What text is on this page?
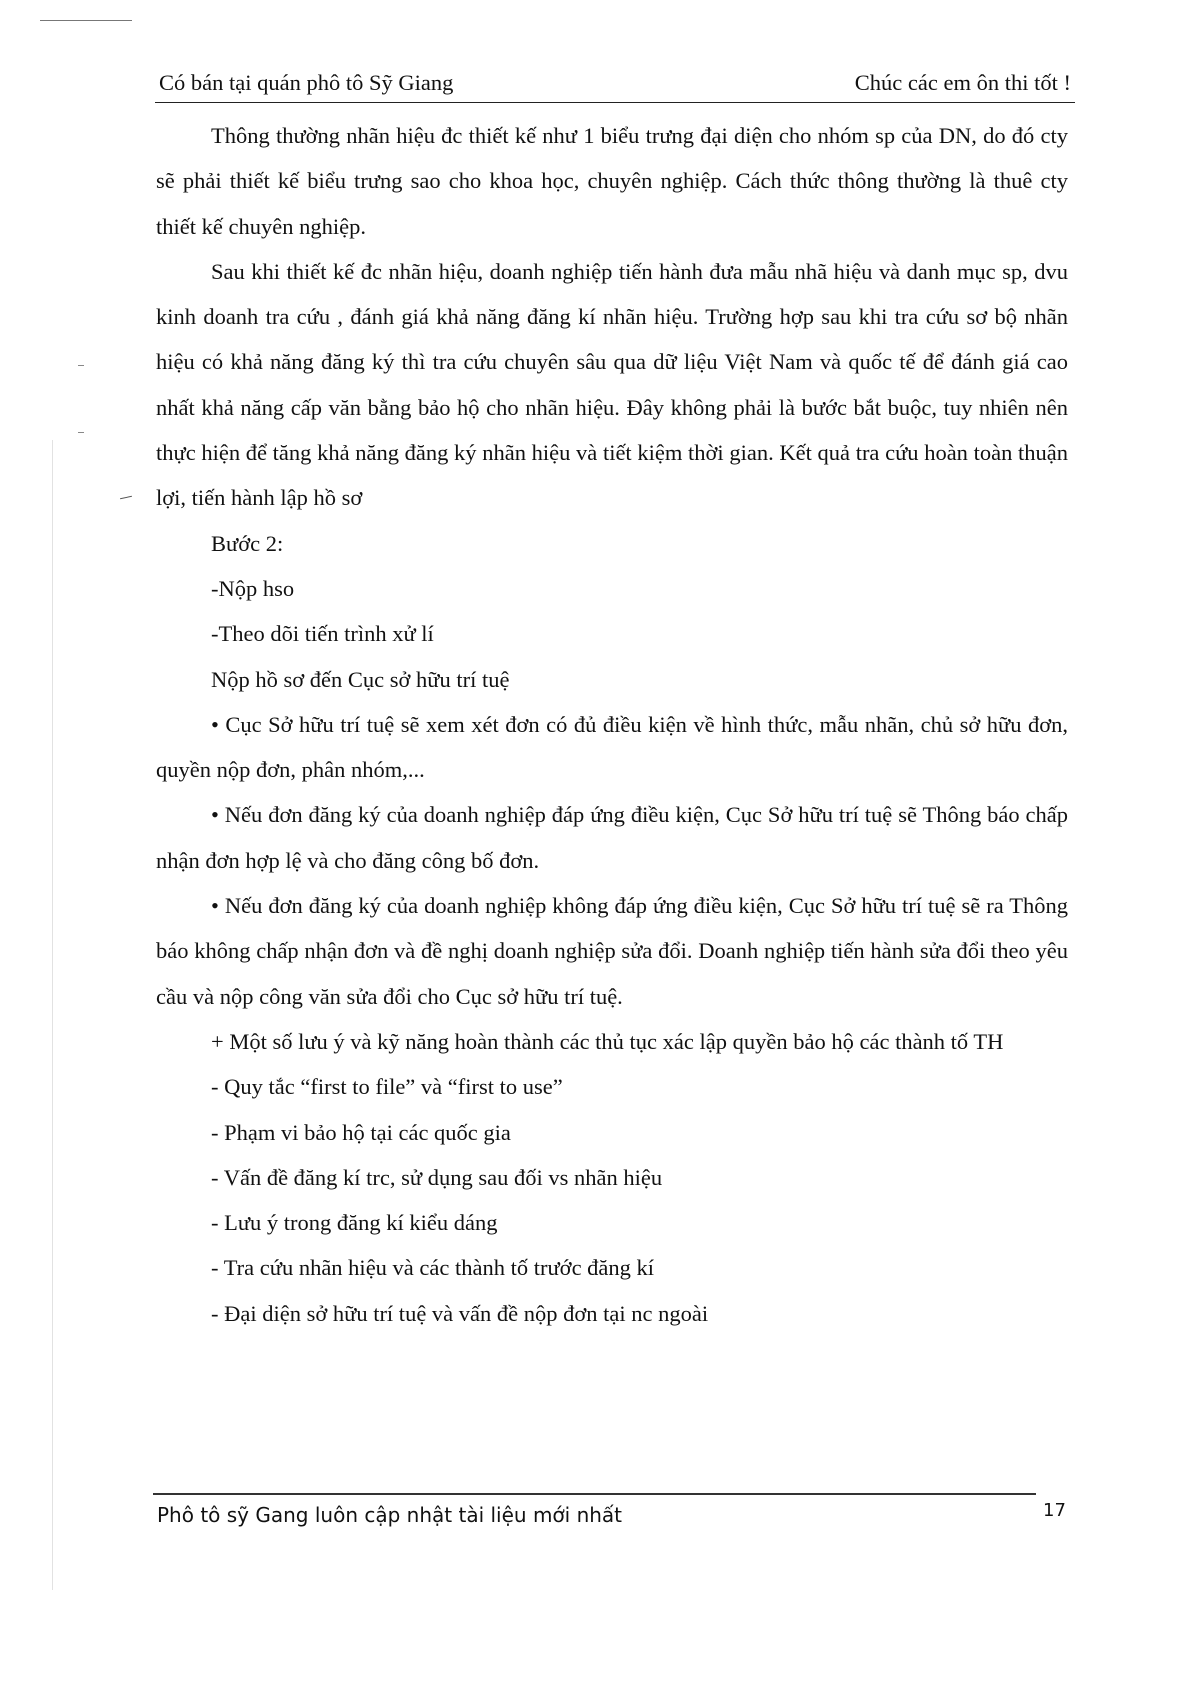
Có bán tại quán phô tô Sỹ Giang	Chúc các em ôn thi tốt !

Thông thường nhãn hiệu đc thiết kế như 1 biểu trưng đại diện cho nhóm sp của DN, do đó cty sẽ phải thiết kế biểu trưng sao cho khoa học, chuyên nghiệp. Cách thức thông thường là thuê cty thiết kế chuyên nghiệp.

Sau khi thiết kế đc nhãn hiệu, doanh nghiệp tiến hành đưa mẫu nhã hiệu và danh mục sp, dvu kinh doanh tra cứu , đánh giá khả năng đăng kí nhãn hiệu. Trường hợp sau khi tra cứu sơ bộ nhãn hiệu có khả năng đăng ký thì tra cứu chuyên sâu qua dữ liệu Việt Nam và quốc tế để đánh giá cao nhất khả năng cấp văn bằng bảo hộ cho nhãn hiệu. Đây không phải là bước bắt buộc, tuy nhiên nên thực hiện để tăng khả năng đăng ký nhãn hiệu và tiết kiệm thời gian. Kết quả tra cứu hoàn toàn thuận lợi, tiến hành lập hồ sơ

Bước 2:

-Nộp hso

-Theo dõi tiến trình xử lí

Nộp hồ sơ đến Cục sở hữu trí tuệ

• Cục Sở hữu trí tuệ sẽ xem xét đơn có đủ điều kiện về hình thức, mẫu nhãn, chủ sở hữu đơn, quyền nộp đơn, phân nhóm,...

• Nếu đơn đăng ký của doanh nghiệp đáp ứng điều kiện, Cục Sở hữu trí tuệ sẽ Thông báo chấp nhận đơn hợp lệ và cho đăng công bố đơn.

• Nếu đơn đăng ký của doanh nghiệp không đáp ứng điều kiện, Cục Sở hữu trí tuệ sẽ ra Thông báo không chấp nhận đơn và đề nghị doanh nghiệp sửa đổi. Doanh nghiệp tiến hành sửa đổi theo yêu cầu và nộp công văn sửa đổi cho Cục sở hữu trí tuệ.

+ Một số lưu ý và kỹ năng hoàn thành các thủ tục xác lập quyền bảo hộ các thành tố TH

- Quy tắc “first to file” và “first to use”

- Phạm vi bảo hộ tại các quốc gia

- Vấn đề đăng kí trc, sử dụng sau đối vs nhãn hiệu

- Lưu ý trong đăng kí kiểu dáng

- Tra cứu nhãn hiệu và các thành tố trước đăng kí

- Đại diện sở hữu trí tuệ và vấn đề nộp đơn tại nc ngoài

Phô tô sỹ Gang luôn cập nhật tài liệu mới nhất	17
